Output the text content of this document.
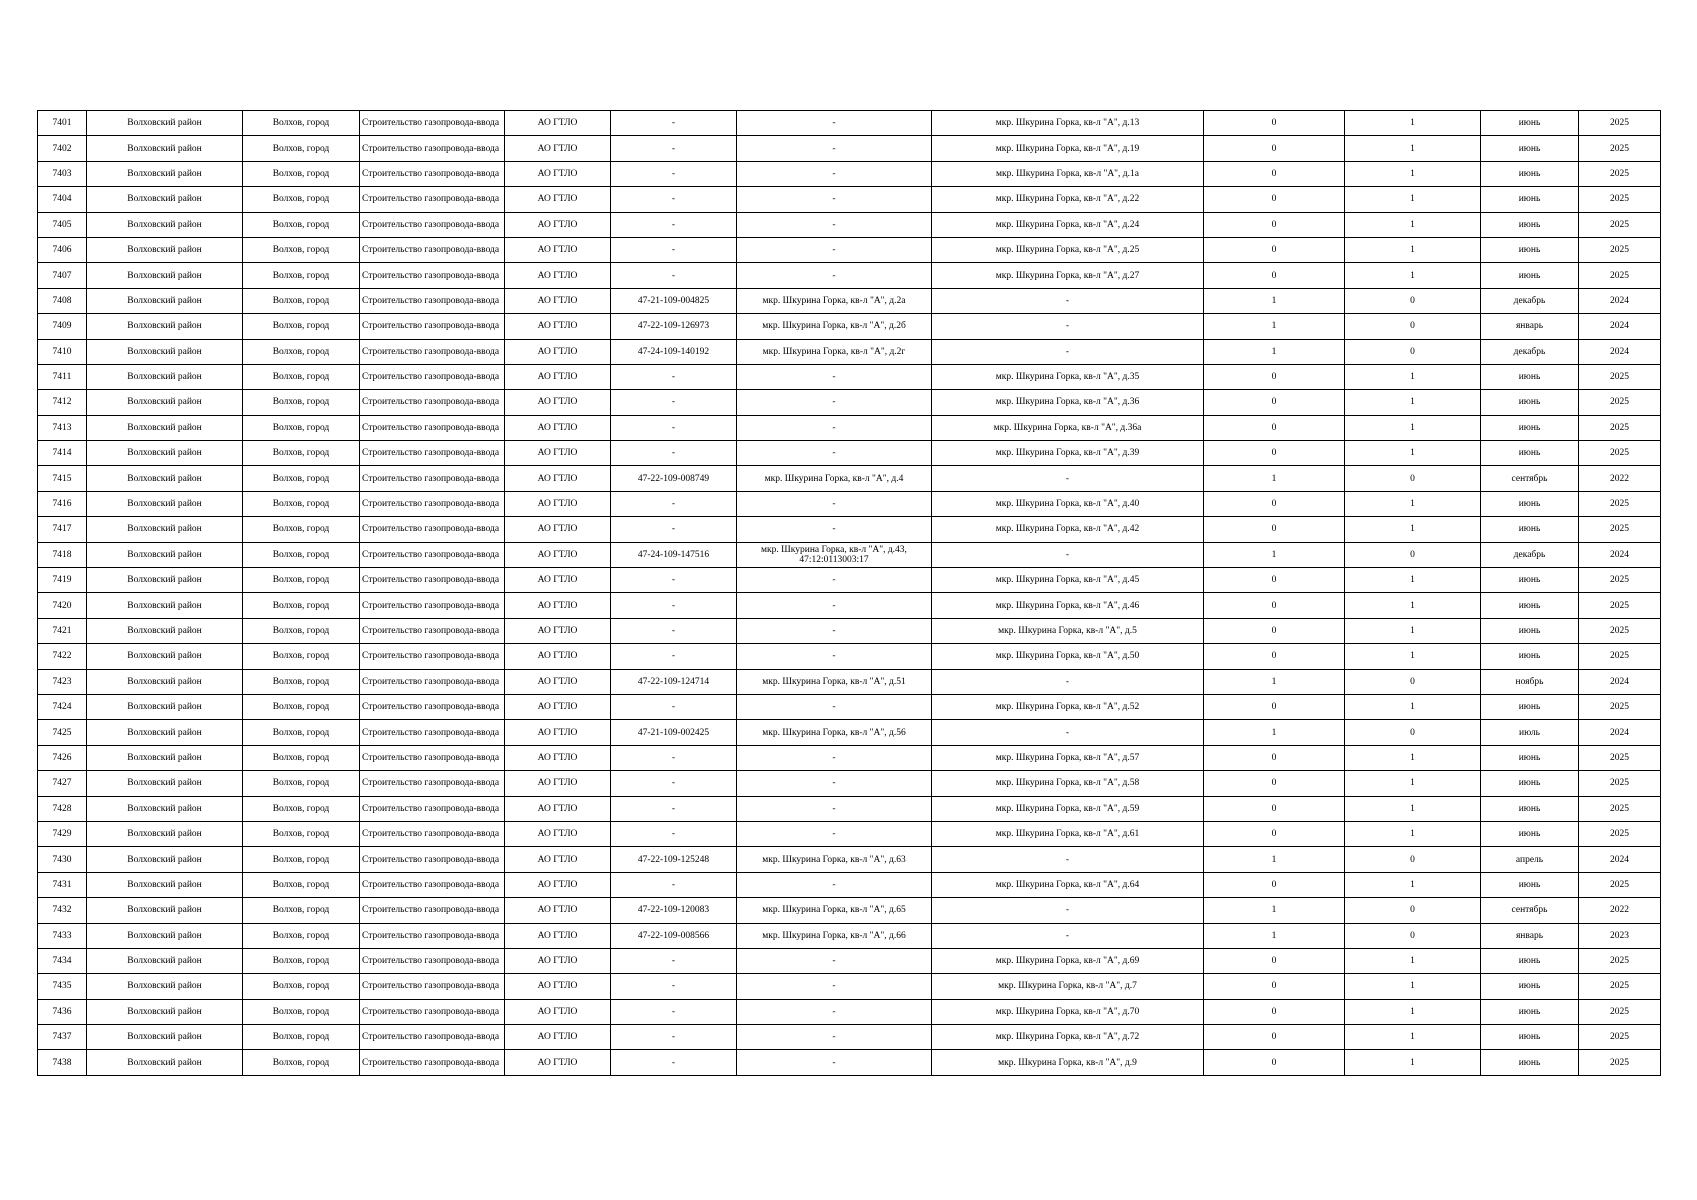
7401	Волховский район	Волхов, город	Строительство газопровода-ввода	АО ГТЛО	-	-	мкр. Шкурина Горка, кв-л "А", д.13	0	1	июнь	2025
7402	Волховский район	Волхов, город	Строительство газопровода-ввода	АО ГТЛО	-	-	мкр. Шкурина Горка, кв-л "А", д.19	0	1	июнь	2025
7403	Волховский район	Волхов, город	Строительство газопровода-ввода	АО ГТЛО	-	-	мкр. Шкурина Горка, кв-л "А", д.1а	0	1	июнь	2025
7404	Волховский район	Волхов, город	Строительство газопровода-ввода	АО ГТЛО	-	-	мкр. Шкурина Горка, кв-л "А", д.22	0	1	июнь	2025
7405	Волховский район	Волхов, город	Строительство газопровода-ввода	АО ГТЛО	-	-	мкр. Шкурина Горка, кв-л "А", д.24	0	1	июнь	2025
7406	Волховский район	Волхов, город	Строительство газопровода-ввода	АО ГТЛО	-	-	мкр. Шкурина Горка, кв-л "А", д.25	0	1	июнь	2025
7407	Волховский район	Волхов, город	Строительство газопровода-ввода	АО ГТЛО	-	-	мкр. Шкурина Горка, кв-л "А", д.27	0	1	июнь	2025
7408	Волховский район	Волхов, город	Строительство газопровода-ввода	АО ГТЛО	47-21-109-004825	мкр. Шкурина Горка, кв-л "А", д.2а	-	1	0	декабрь	2024
7409	Волховский район	Волхов, город	Строительство газопровода-ввода	АО ГТЛО	47-22-109-126973	мкр. Шкурина Горка, кв-л "А", д.2б	-	1	0	январь	2024
7410	Волховский район	Волхов, город	Строительство газопровода-ввода	АО ГТЛО	47-24-109-140192	мкр. Шкурина Горка, кв-л "А", д.2г	-	1	0	декабрь	2024
7411	Волховский район	Волхов, город	Строительство газопровода-ввода	АО ГТЛО	-	-	мкр. Шкурина Горка, кв-л "А", д.35	0	1	июнь	2025
7412	Волховский район	Волхов, город	Строительство газопровода-ввода	АО ГТЛО	-	-	мкр. Шкурина Горка, кв-л "А", д.36	0	1	июнь	2025
7413	Волховский район	Волхов, город	Строительство газопровода-ввода	АО ГТЛО	-	-	мкр. Шкурина Горка, кв-л "А", д.36а	0	1	июнь	2025
7414	Волховский район	Волхов, город	Строительство газопровода-ввода	АО ГТЛО	-	-	мкр. Шкурина Горка, кв-л "А", д.39	0	1	июнь	2025
7415	Волховский район	Волхов, город	Строительство газопровода-ввода	АО ГТЛО	47-22-109-008749	мкр. Шкурина Горка, кв-л "А", д.4	-	1	0	сентябрь	2022
7416	Волховский район	Волхов, город	Строительство газопровода-ввода	АО ГТЛО	-	-	мкр. Шкурина Горка, кв-л "А", д.40	0	1	июнь	2025
7417	Волховский район	Волхов, город	Строительство газопровода-ввода	АО ГТЛО	-	-	мкр. Шкурина Горка, кв-л "А", д.42	0	1	июнь	2025
7418	Волховский район	Волхов, город	Строительство газопровода-ввода	АО ГТЛО	47-24-109-147516	мкр. Шкурина Горка, кв-л "А", д.43, 47:12:0113003:17	-	1	0	декабрь	2024
7419	Волховский район	Волхов, город	Строительство газопровода-ввода	АО ГТЛО	-	-	мкр. Шкурина Горка, кв-л "А", д.45	0	1	июнь	2025
7420	Волховский район	Волхов, город	Строительство газопровода-ввода	АО ГТЛО	-	-	мкр. Шкурина Горка, кв-л "А", д.46	0	1	июнь	2025
7421	Волховский район	Волхов, город	Строительство газопровода-ввода	АО ГТЛО	-	-	мкр. Шкурина Горка, кв-л "А", д.5	0	1	июнь	2025
7422	Волховский район	Волхов, город	Строительство газопровода-ввода	АО ГТЛО	-	-	мкр. Шкурина Горка, кв-л "А", д.50	0	1	июнь	2025
7423	Волховский район	Волхов, город	Строительство газопровода-ввода	АО ГТЛО	47-22-109-124714	мкр. Шкурина Горка, кв-л "А", д.51	-	1	0	ноябрь	2024
7424	Волховский район	Волхов, город	Строительство газопровода-ввода	АО ГТЛО	-	-	мкр. Шкурина Горка, кв-л "А", д.52	0	1	июнь	2025
7425	Волховский район	Волхов, город	Строительство газопровода-ввода	АО ГТЛО	47-21-109-002425	мкр. Шкурина Горка, кв-л "А", д.56	-	1	0	июль	2024
7426	Волховский район	Волхов, город	Строительство газопровода-ввода	АО ГТЛО	-	-	мкр. Шкурина Горка, кв-л "А", д.57	0	1	июнь	2025
7427	Волховский район	Волхов, город	Строительство газопровода-ввода	АО ГТЛО	-	-	мкр. Шкурина Горка, кв-л "А", д.58	0	1	июнь	2025
7428	Волховский район	Волхов, город	Строительство газопровода-ввода	АО ГТЛО	-	-	мкр. Шкурина Горка, кв-л "А", д.59	0	1	июнь	2025
7429	Волховский район	Волхов, город	Строительство газопровода-ввода	АО ГТЛО	-	-	мкр. Шкурина Горка, кв-л "А", д.61	0	1	июнь	2025
7430	Волховский район	Волхов, город	Строительство газопровода-ввода	АО ГТЛО	47-22-109-125248	мкр. Шкурина Горка, кв-л "А", д.63	-	1	0	апрель	2024
7431	Волховский район	Волхов, город	Строительство газопровода-ввода	АО ГТЛО	-	-	мкр. Шкурина Горка, кв-л "А", д.64	0	1	июнь	2025
7432	Волховский район	Волхов, город	Строительство газопровода-ввода	АО ГТЛО	47-22-109-120083	мкр. Шкурина Горка, кв-л "А", д.65	-	1	0	сентябрь	2022
7433	Волховский район	Волхов, город	Строительство газопровода-ввода	АО ГТЛО	47-22-109-008566	мкр. Шкурина Горка, кв-л "А", д.66	-	1	0	январь	2023
7434	Волховский район	Волхов, город	Строительство газопровода-ввода	АО ГТЛО	-	-	мкр. Шкурина Горка, кв-л "А", д.69	0	1	июнь	2025
7435	Волховский район	Волхов, город	Строительство газопровода-ввода	АО ГТЛО	-	-	мкр. Шкурина Горка, кв-л "А", д.7	0	1	июнь	2025
7436	Волховский район	Волхов, город	Строительство газопровода-ввода	АО ГТЛО	-	-	мкр. Шкурина Горка, кв-л "А", д.70	0	1	июнь	2025
7437	Волховский район	Волхов, город	Строительство газопровода-ввода	АО ГТЛО	-	-	мкр. Шкурина Горка, кв-л "А", д.72	0	1	июнь	2025
7438	Волховский район	Волхов, город	Строительство газопровода-ввода	АО ГТЛО	-	-	мкр. Шкурина Горка, кв-л "А", д.9	0	1	июнь	2025
